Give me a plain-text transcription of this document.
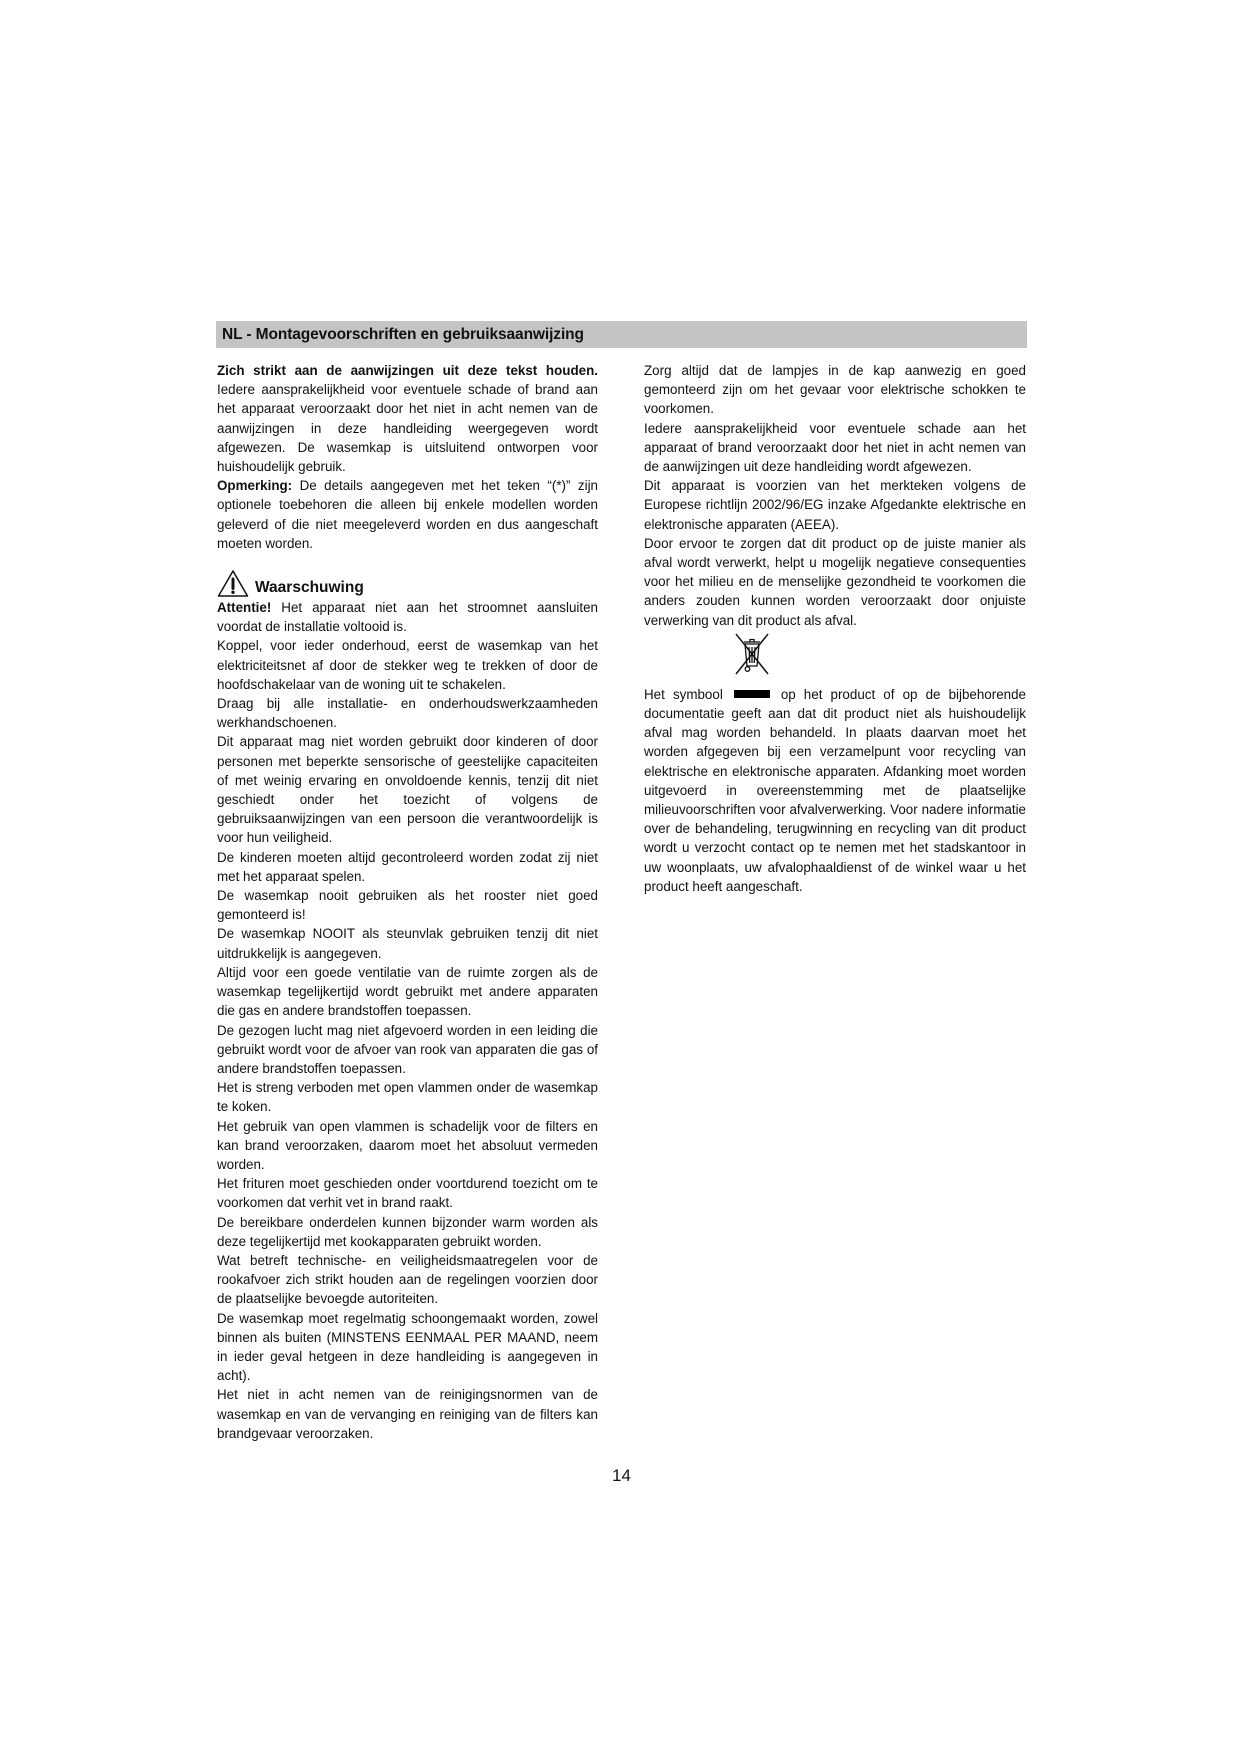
NL - Montagevoorschriften en gebruiksaanwijzing

Zich strikt aan de aanwijzingen uit deze tekst houden. Iedere aansprakelijkheid voor eventuele schade of brand aan het apparaat veroorzaakt door het niet in acht nemen van de aanwijzingen in deze handleiding weergegeven wordt afgewezen. De wasemkap is uitsluitend ontworpen voor huishoudelijk gebruik.

Opmerking: De details aangegeven met het teken “(*)” zijn optionele toebehoren die alleen bij enkele modellen worden geleverd of die niet meegeleverd worden en dus aangeschaft moeten worden.

Waarschuwing

Attentie! Het apparaat niet aan het stroomnet aansluiten voordat de installatie voltooid is.

Koppel, voor ieder onderhoud, eerst de wasemkap van het elektriciteitsnet af door de stekker weg te trekken of door de hoofdschakelaar van de woning uit te schakelen.

Draag bij alle installatie- en onderhoudswerkzaamheden werkhandschoenen.

Dit apparaat mag niet worden gebruikt door kinderen of door personen met beperkte sensorische of geestelijke capaciteiten of met weinig ervaring en onvoldoende kennis, tenzij dit niet geschiedt onder het toezicht of volgens de gebruiksaanwijzingen van een persoon die verantwoordelijk is voor hun veiligheid.

De kinderen moeten altijd gecontroleerd worden zodat zij niet met het apparaat spelen.

De wasemkap nooit gebruiken als het rooster niet goed gemonteerd is!

De wasemkap NOOIT als steunvlak gebruiken tenzij dit niet uitdrukkelijk is aangegeven.

Altijd voor een goede ventilatie van de ruimte zorgen als de wasemkap tegelijkertijd wordt gebruikt met andere apparaten die gas en andere brandstoffen toepassen.

De gezogen lucht mag niet afgevoerd worden in een leiding die gebruikt wordt voor de afvoer van rook van apparaten die gas of andere brandstoffen toepassen.

Het is streng verboden met open vlammen onder de wasemkap te koken.

Het gebruik van open vlammen is schadelijk voor de filters en kan brand veroorzaken, daarom moet het absoluut vermeden worden.

Het frituren moet geschieden onder voortdurend toezicht om te voorkomen dat verhit vet in brand raakt.

De bereikbare onderdelen kunnen bijzonder warm worden als deze tegelijkertijd met kookapparaten gebruikt worden.

Wat betreft technische- en veiligheidsmaatregelen voor de rookafvoer zich strikt houden aan de regelingen voorzien door de plaatselijke bevoegde autoriteiten.

De wasemkap moet regelmatig schoongemaakt worden, zowel binnen als buiten (MINSTENS EENMAAL PER MAAND, neem in ieder geval hetgeen in deze handleiding is aangegeven in acht).

Het niet in acht nemen van de reinigingsnormen van de wasemkap en van de vervanging en reiniging van de filters kan brandgevaar veroorzaken.

Zorg altijd dat de lampjes in de kap aanwezig en goed gemonteerd zijn om het gevaar voor elektrische schokken te voorkomen.

Iedere aansprakelijkheid voor eventuele schade aan het apparaat of brand veroorzaakt door het niet in acht nemen van de aanwijzingen uit deze handleiding wordt afgewezen.

Dit apparaat is voorzien van het merkteken volgens de Europese richtlijn 2002/96/EG inzake Afgedankte elektrische en elektronische apparaten (AEEA).

Door ervoor te zorgen dat dit product op de juiste manier als afval wordt verwerkt, helpt u mogelijk negatieve consequenties voor het milieu en de menselijke gezondheid te voorkomen die anders zouden kunnen worden veroorzaakt door onjuiste verwerking van dit product als afval.

Het symbool	op het product of op de bijbehorende documentatie geeft aan dat dit product niet als huishoudelijk afval mag worden behandeld. In plaats daarvan moet het worden afgegeven bij een verzamelpunt voor recycling van elektrische en elektronische apparaten. Afdanking moet worden uitgevoerd in overeenstemming met de plaatselijke milieuvoorschriften voor afvalverwerking. Voor nadere informatie over de behandeling, terugwinning en recycling van dit product wordt u verzocht contact op te nemen met het stadskantoor in uw woonplaats, uw afvalophaaldienst of de winkel waar u het product heeft aangeschaft.

14
